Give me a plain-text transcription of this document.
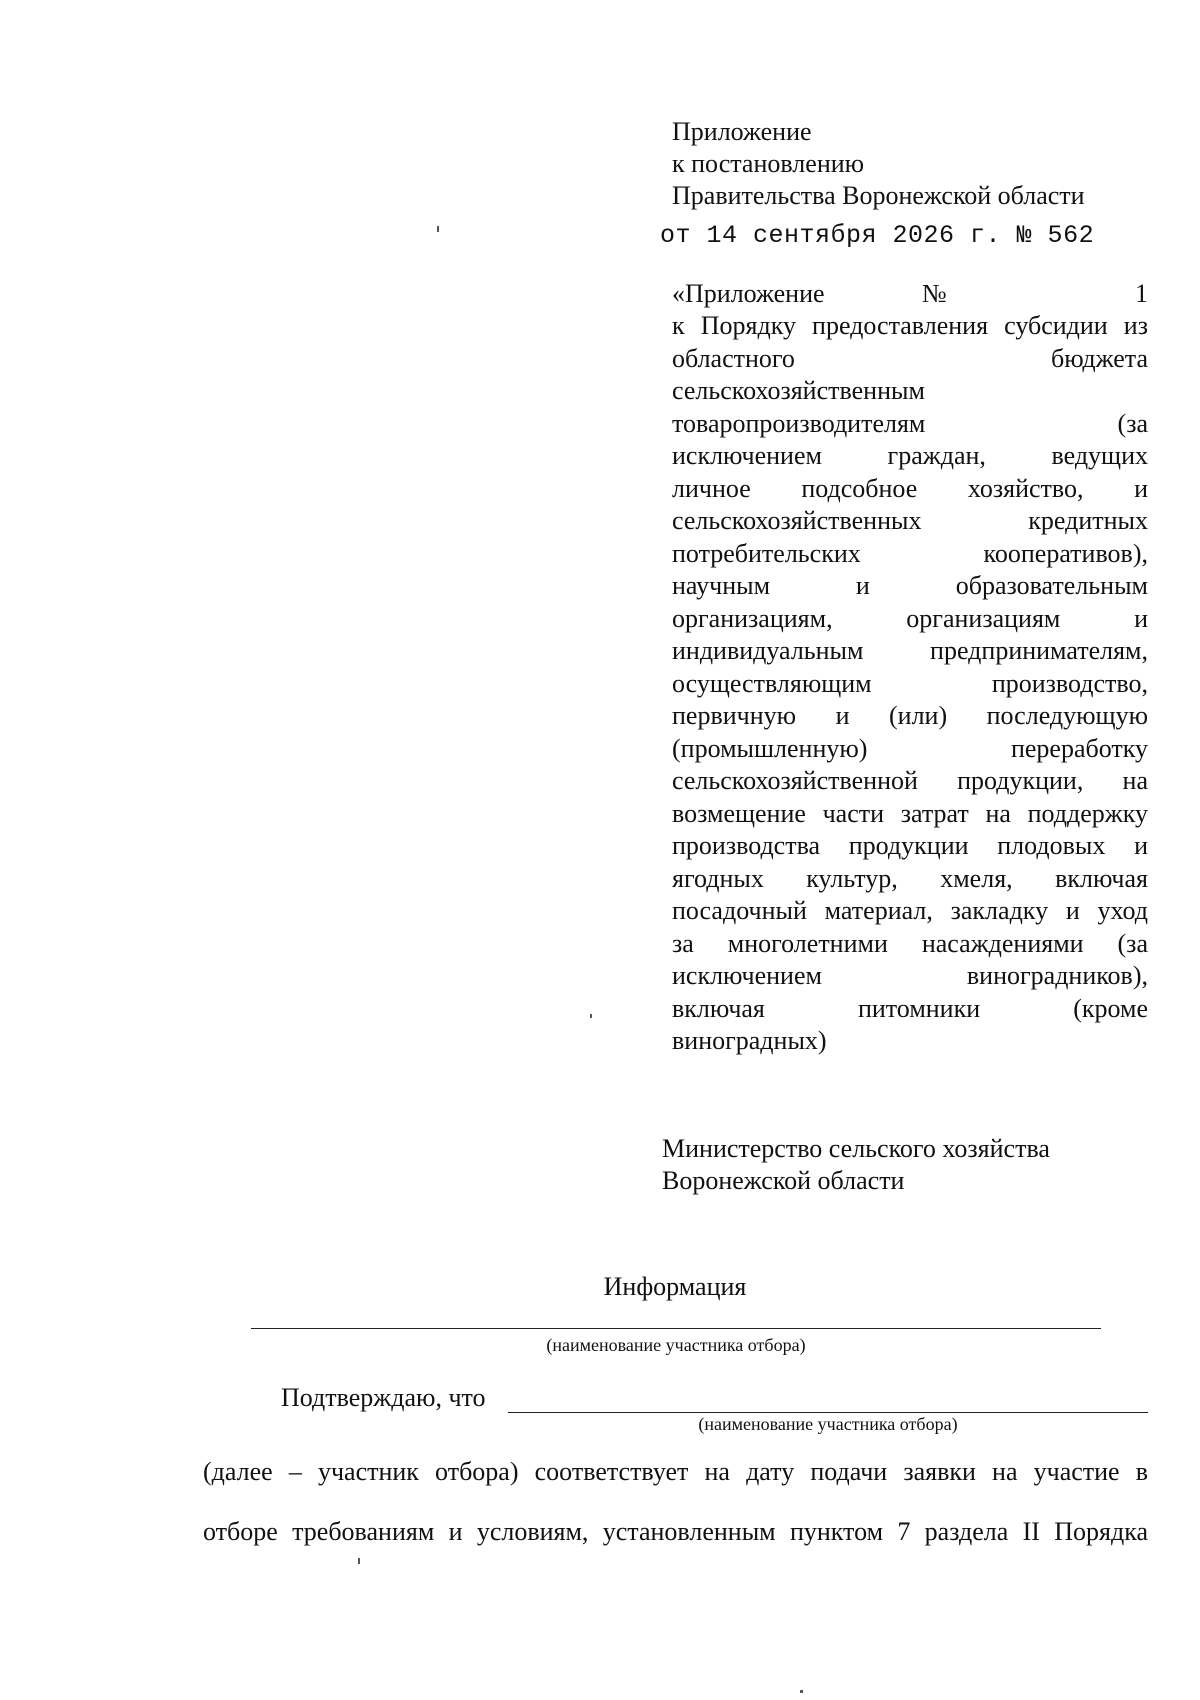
Приложение
к постановлению
Правительства Воронежской области
от 14 сентября 2026 г. № 562
«Приложение № 1
к Порядку предоставления субсидии из
областного бюджета
сельскохозяйственным
товаропроизводителям (за
исключением граждан, ведущих
личное подсобное хозяйство, и
сельскохозяйственных кредитных
потребительских кооперативов),
научным и образовательным
организациям, организациям и
индивидуальным предпринимателям,
осуществляющим производство,
первичную и (или) последующую
(промышленную) переработку
сельскохозяйственной продукции, на
возмещение части затрат на поддержку
производства продукции плодовых и
ягодных культур, хмеля, включая
посадочный материал, закладку и уход
за многолетними насаждениями (за
исключением виноградников),
включая питомники (кроме
виноградных)
Министерство сельского хозяйства
Воронежской области
Информация
(наименование участника отбора)
Подтверждаю, что
(наименование участника отбора)
(далее – участник отбора) соответствует на дату подачи заявки на участие в
отборе требованиям и условиям, установленным пунктом 7 раздела II Порядка
